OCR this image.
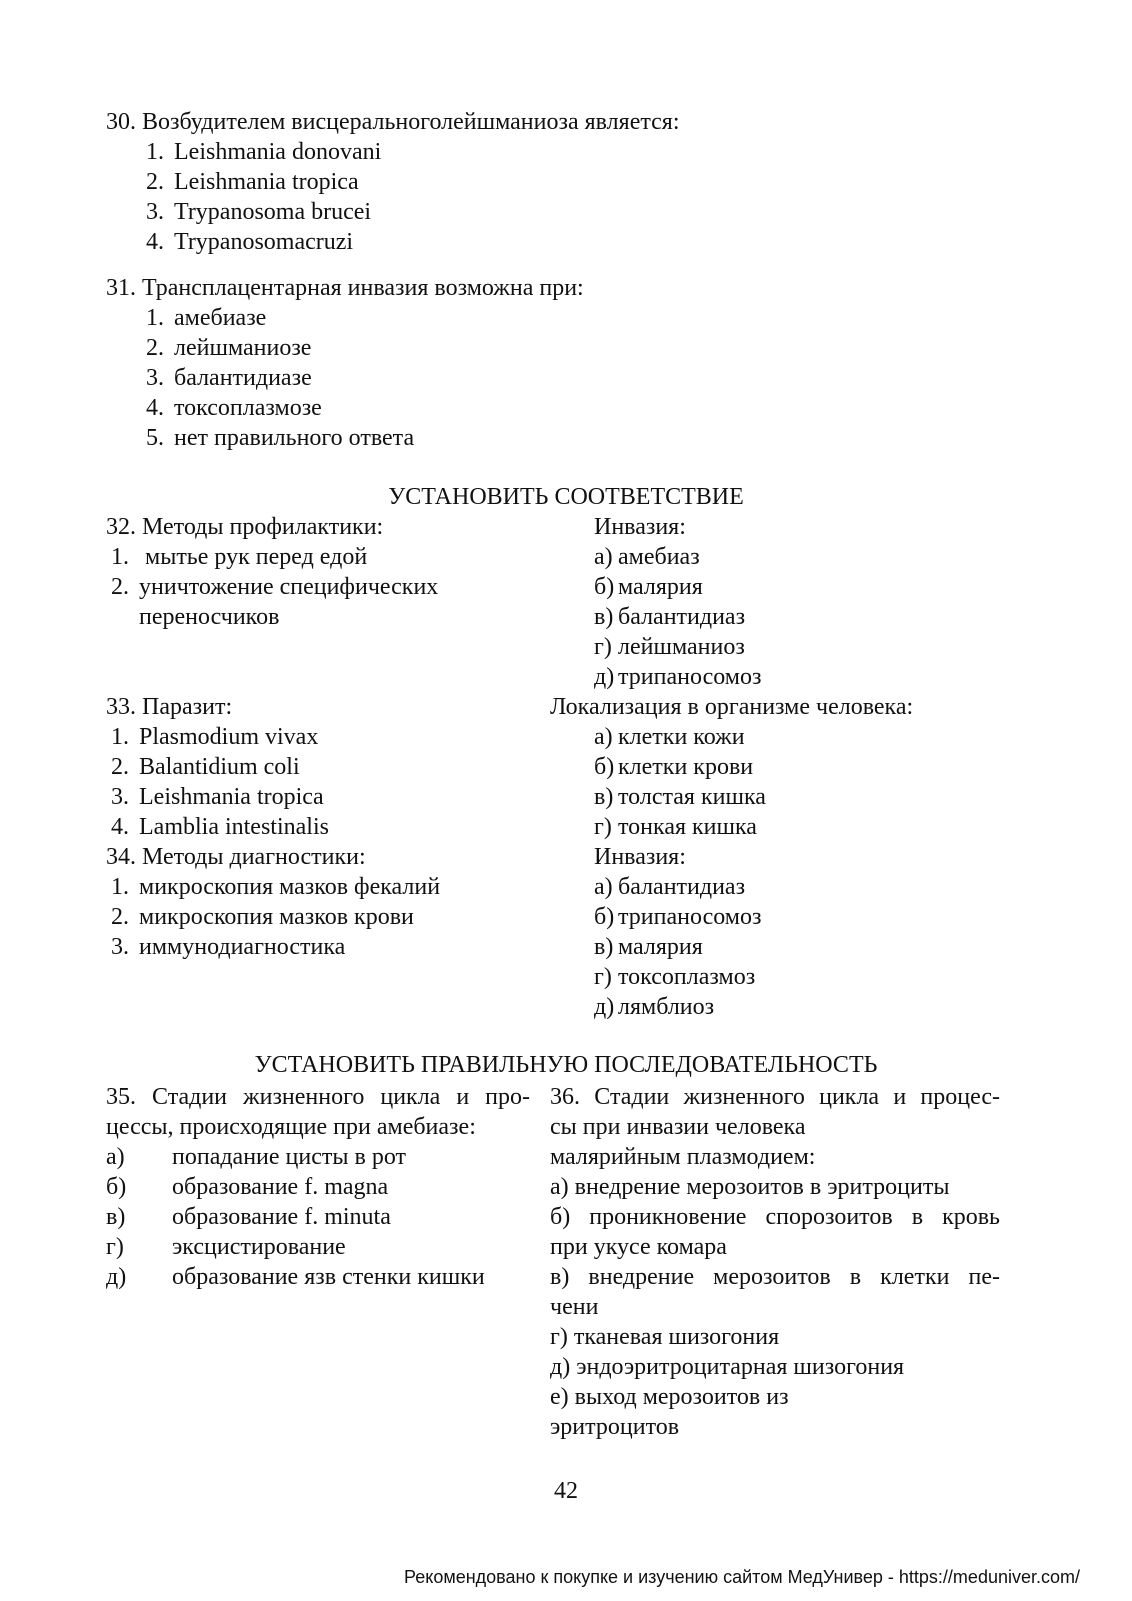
30. Возбудителем висцеральноголейшманиоза является:
1. Leishmania donovani
2. Leishmania tropica
3. Trypanosoma brucei
4. Trypanosomacruzi
31. Трансплацентарная инвазия возможна при:
1. амебиазе
2. лейшманиозе
3. балантидиазе
4. токсоплазмозе
5. нет правильного ответа
УСТАНОВИТЬ СООТВЕТСТВИЕ
32. Методы профилактики:
1. мытье рук перед едой
2. уничтожение специфических
переносчиков
Инвазия:
а) амебиаз
б) малярия
в) балантидиаз
г) лейшманиоз
д) трипаносомоз
33. Паразит:
1. Plasmodium vivax
2. Balantidium coli
3. Leishmania tropica
4. Lamblia intestinalis
Локализация в организме человека:
а) клетки кожи
б) клетки крови
в) толстая кишка
г) тонкая кишка
34. Методы диагностики:
1. микроскопия мазков фекалий
2. микроскопия мазков крови
3. иммунодиагностика
Инвазия:
а) балантидиаз
б) трипаносомоз
в) малярия
г) токсоплазмоз
д) лямблиоз
УСТАНОВИТЬ ПРАВИЛЬНУЮ ПОСЛЕДОВАТЕЛЬНОСТЬ
35. Стадии жизненного цикла и про-
цессы, происходящие при амебиазе:
а) попадание цисты в рот
б) образование f. magna
в) образование f. minuta
г) эксцистирование
д) образование язв стенки кишки
36. Стадии жизненного цикла и процес-
сы при инвазии человека
малярийным плазмодием:
а) внедрение мерозоитов в эритроциты
б) проникновение спорозоитов в кровь
при укусе комара
в) внедрение мерозоитов в клетки пе-
чени
г) тканевая шизогония
д) эндоэритроцитарная шизогония
е) выход мерозоитов из
эритроцитов
42
Рекомендовано к покупке и изучению сайтом МедУнивер - https://meduniver.com/
